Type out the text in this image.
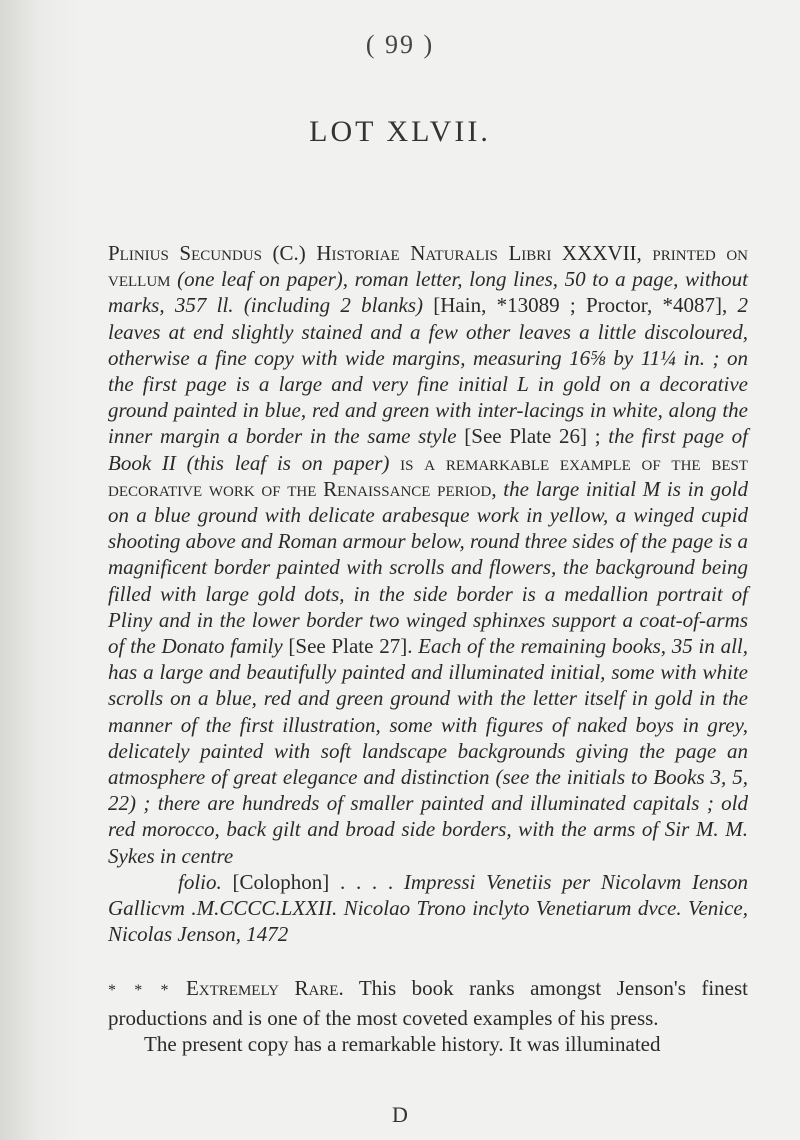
( 99 )
LOT XLVII.

Plinius Secundus (C.) Historiae Naturalis Libri XXXVII, printed on vellum (one leaf on paper), roman letter, long lines, 50 to a page, without marks, 357 ll. (including 2 blanks) [Hain, *13089 ; Proctor, *4087], 2 leaves at end slightly stained and a few other leaves a little discoloured, otherwise a fine copy with wide margins, measuring 16⅝ by 11¼ in. ; on the first page is a large and very fine initial L in gold on a decorative ground painted in blue, red and green with inter-lacings in white, along the inner margin a border in the same style [See Plate 26] ; the first page of Book II (this leaf is on paper) is a remarkable example of the best decorative work of the Renaissance period, the large initial M is in gold on a blue ground with delicate arabesque work in yellow, a winged cupid shooting above and Roman armour below, round three sides of the page is a magnificent border painted with scrolls and flowers, the background being filled with large gold dots, in the side border is a medallion portrait of Pliny and in the lower border two winged sphinxes support a coat-of-arms of the Donato family [See Plate 27]. Each of the remaining books, 35 in all, has a large and beautifully painted and illuminated initial, some with white scrolls on a blue, red and green ground with the letter itself in gold in the manner of the first illustration, some with figures of naked boys in grey, delicately painted with soft landscape backgrounds giving the page an atmosphere of great elegance and distinction (see the initials to Books 3, 5, 22) ; there are hundreds of smaller painted and illuminated capitals ; old red morocco, back gilt and broad side borders, with the arms of Sir M. M. Sykes in centre

folio. [Colophon] . . . . Impressi Venetiis per Nicolavm Ienson Gallicvm .M.CCCC.LXXII. Nicolao Trono inclyto Venetiarum dvce. Venice, Nicolas Jenson, 1472

* * * Extremely Rare. This book ranks amongst Jenson's finest productions and is one of the most coveted examples of his press.

The present copy has a remarkable history. It was illuminated

D
